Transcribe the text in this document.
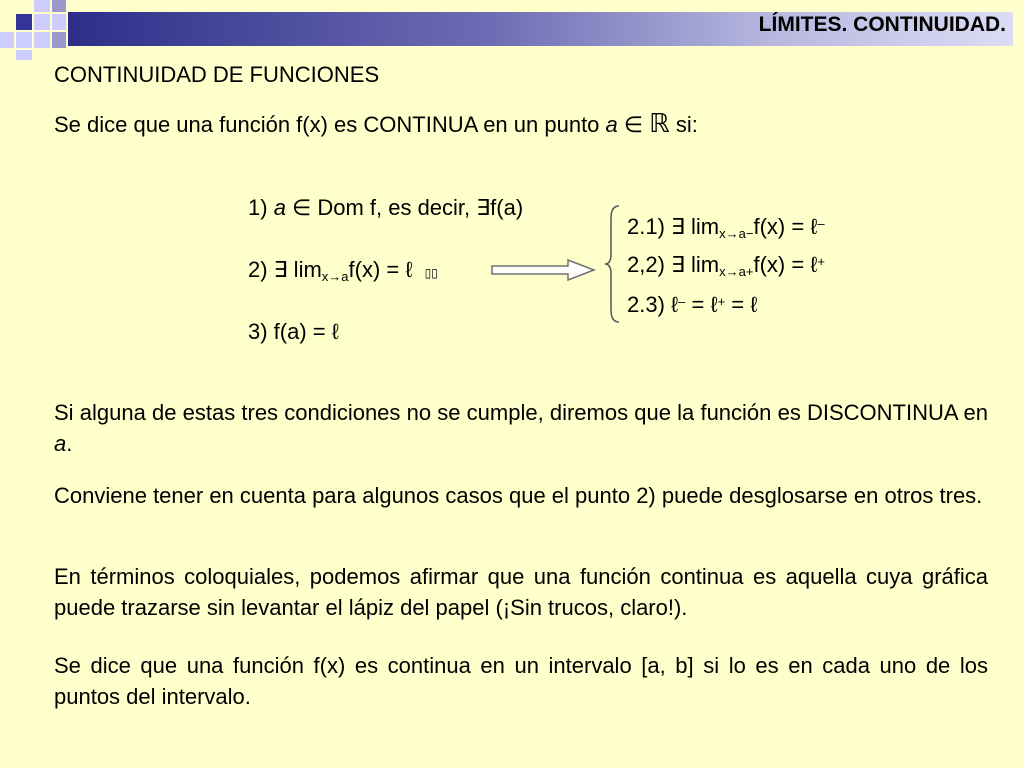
LÍMITES. CONTINUIDAD.
CONTINUIDAD DE FUNCIONES
Se dice que una función f(x) es CONTINUA en un punto a ∈ ℝ si:
1) a ∈ Dom f, es decir, ∃f(a)
2) ∃ $\lim_{x\to a}f(x)$ = ℓ ▯▯
3) f(a) = ℓ
2.1) ∃ $\lim_{x\to a-}f(x)$ = ℓ–
2,2) ∃ $\lim_{x\to a+}f(x)$ = ℓ+
2.3) ℓ– = ℓ+ = ℓ
Si alguna de estas tres condiciones no se cumple, diremos que la función es DISCONTINUA en a.
Conviene tener en cuenta para algunos casos que el punto 2) puede desglosarse en otros tres.
En términos coloquiales, podemos afirmar que una función continua es aquella cuya gráfica puede trazarse sin levantar el lápiz del papel (¡Sin trucos, claro!).
Se dice que una función f(x) es continua en un intervalo [a, b] si lo es en cada uno de los puntos del intervalo.
